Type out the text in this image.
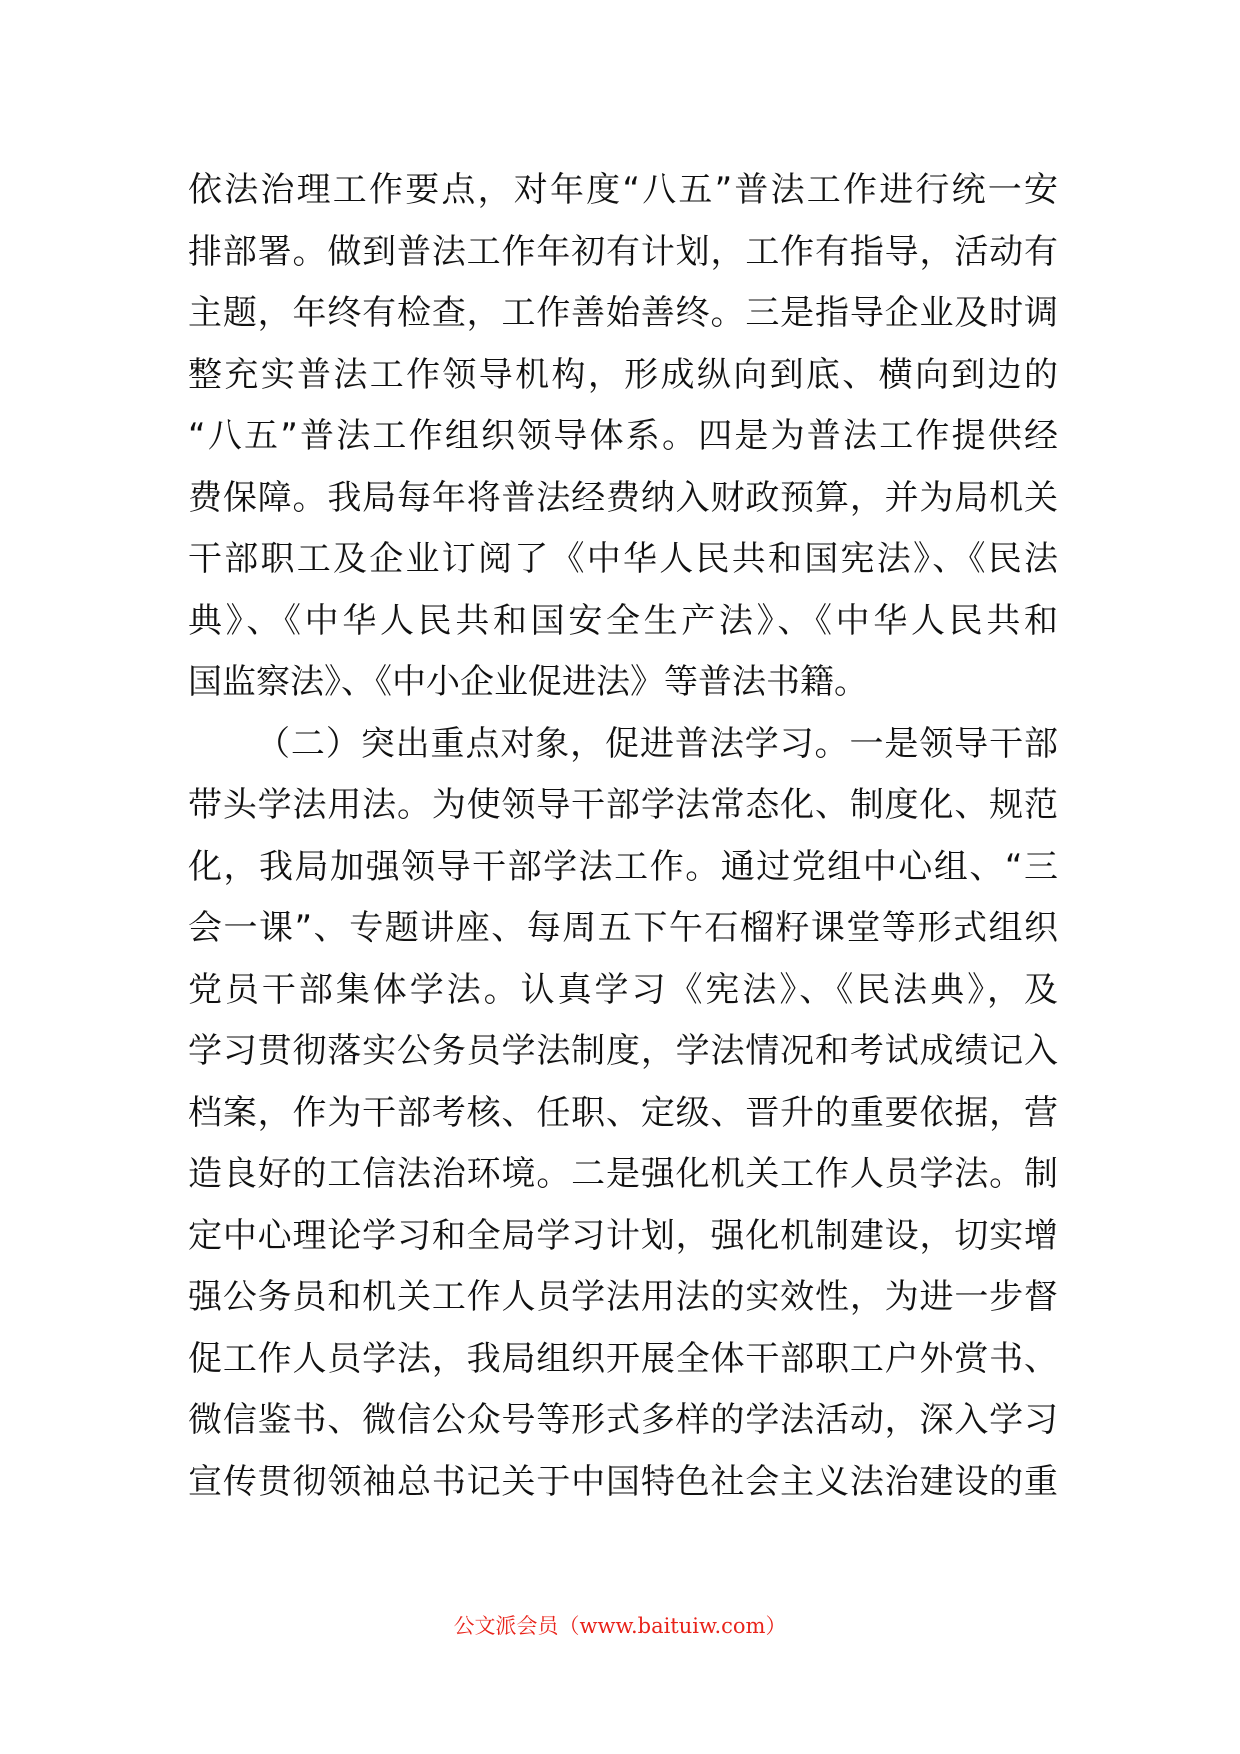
依法治理工作要点，对年度“八五”普法工作进行统一安
排部署。做到普法工作年初有计划，工作有指导，活动有
主题，年终有检查，工作善始善终。三是指导企业及时调
整充实普法工作领导机构，形成纵向到底、横向到边的
“八五”普法工作组织领导体系。四是为普法工作提供经
费保障。我局每年将普法经费纳入财政预算，并为局机关
干部职工及企业订阅了《中华人民共和国宪法》、《民法
典》、《中华人民共和国安全生产法》、《中华人民共和
国监察法》、《中小企业促进法》等普法书籍。
（二）突出重点对象，促进普法学习。一是领导干部
带头学法用法。为使领导干部学法常态化、制度化、规范
化，我局加强领导干部学法工作。通过党组中心组、“三
会一课”、专题讲座、每周五下午石榴籽课堂等形式组织
党员干部集体学法。认真学习《宪法》、《民法典》，及
学习贯彻落实公务员学法制度，学法情况和考试成绩记入
档案，作为干部考核、任职、定级、晋升的重要依据，营
造良好的工信法治环境。二是强化机关工作人员学法。制
定中心理论学习和全局学习计划，强化机制建设，切实增
强公务员和机关工作人员学法用法的实效性，为进一步督
促工作人员学法，我局组织开展全体干部职工户外赏书、
微信鉴书、微信公众号等形式多样的学法活动，深入学习
宣传贯彻领袖总书记关于中国特色社会主义法治建设的重
公文派会员（www.baituiw.com）
